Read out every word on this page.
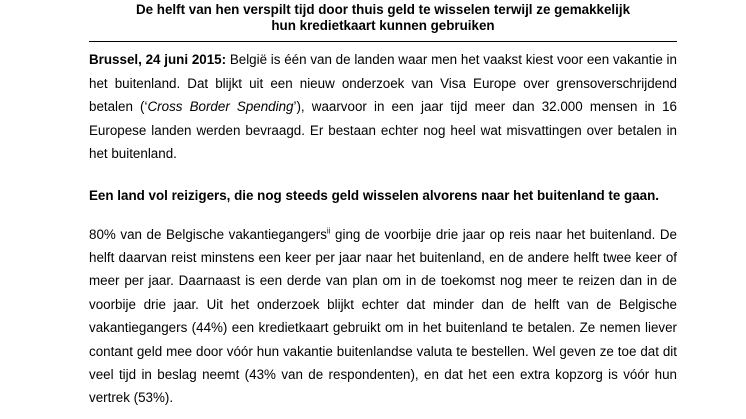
De helft van hen verspilt tijd door thuis geld te wisselen terwijl ze gemakkelijk hun kredietkaart kunnen gebruiken

Brussel, 24 juni 2015: België is één van de landen waar men het vaakst kiest voor een vakantie in het buitenland. Dat blijkt uit een nieuw onderzoek van Visa Europe over grensoverschrijdend betalen (‘Cross Border Spending’), waarvoor in een jaar tijd meer dan 32.000 mensen in 16 Europese landen werden bevraagd. Er bestaan echter nog heel wat misvattingen over betalen in het buitenland.

Een land vol reizigers, die nog steeds geld wisselen alvorens naar het buitenland te gaan.

80% van de Belgische vakantiegangers$^{ii}$ ging de voorbije drie jaar op reis naar het buitenland. De helft daarvan reist minstens een keer per jaar naar het buitenland, en de andere helft twee keer of meer per jaar. Daarnaast is een derde van plan om in de toekomst nog meer te reizen dan in de voorbije drie jaar. Uit het onderzoek blijkt echter dat minder dan de helft van de Belgische vakantiegangers (44%) een kredietkaart gebruikt om in het buitenland te betalen. Ze nemen liever contant geld mee door vóór hun vakantie buitenlandse valuta te bestellen. Wel geven ze toe dat dit veel tijd in beslag neemt (43% van de respondenten), en dat het een extra kopzorg is vóór hun vertrek (53%).
